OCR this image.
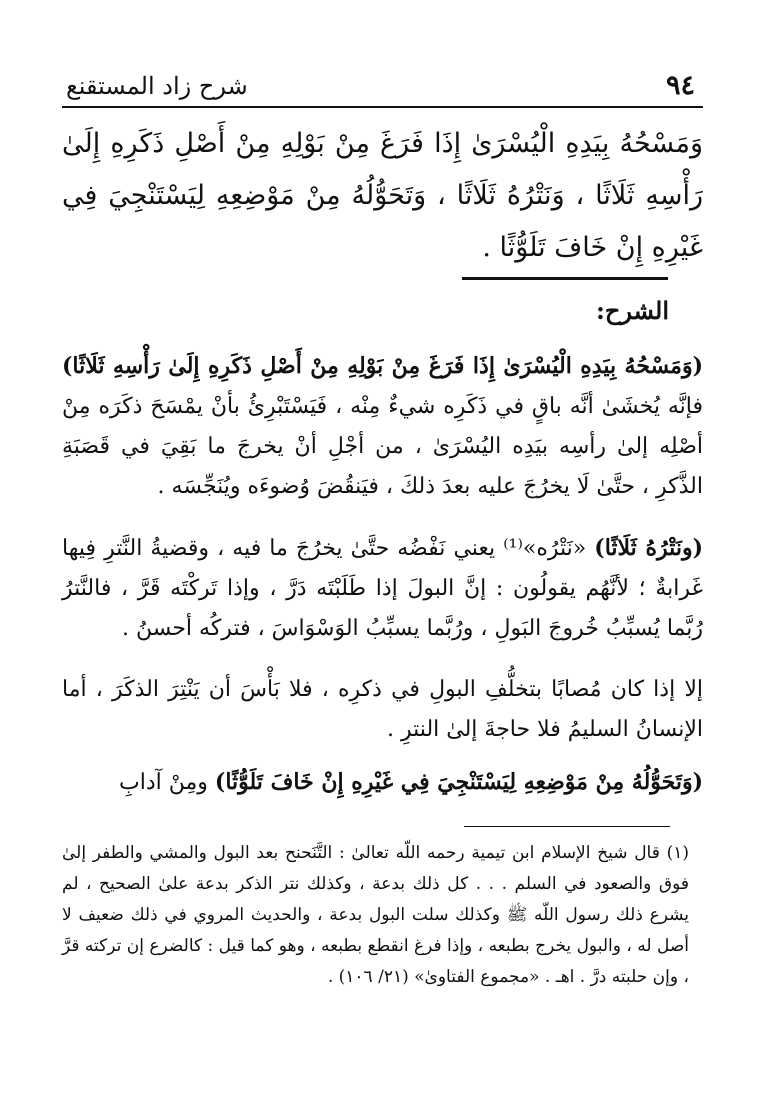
٩٤
شرح زاد المستقنع
وَمَسْحُهُ بِيَدِهِ الْيُسْرَىٰ إِذَا فَرَغَ مِنْ بَوْلِهِ مِنْ أَصْلِ ذَكَرِهِ إِلَىٰ رَأْسِهِ ثَلَاثًا ، وَنَتْرُهُ ثَلَاثًا ، وَتَحَوُّلُهُ مِنْ مَوْضِعِهِ لِيَسْتَنْجِيَ فِي غَيْرِهِ إِنْ خَافَ تَلَوُّثًا .
الشرح:
(وَمَسْحُهُ بِيَدِهِ الْيُسْرَىٰ إِذَا فَرَغَ مِنْ بَوْلِهِ مِنْ أَصْلِ ذَكَرِهِ إِلَىٰ رَأْسِهِ ثَلَاثًا) فإنَّه يُخشَىٰ أنَّه باقٍ في ذَكَرِه شيءٌ مِنْه ، فَيَسْتَبْرِئُ بأنْ يمْسَحَ ذكَرَه مِنْ أصْلِه إلىٰ رأسِه بيَدِه اليُسْرَىٰ ، من أجْلِ أنْ يخرجَ ما بَقِيَ في قَصَبَةِ الذَّكرِ ، حتَّىٰ لَا يخرُجَ عليه بعدَ ذلكَ ، فيَنقُضَ وُضوءَه ويُنَجِّسَه .
(ونَتْرُهُ ثَلَاثًا) «نَتْرُه»⁽¹⁾ يعني نَفْضُه حتَّىٰ يخرُجَ ما فيه ، وقضيةُ النَّترِ فِيها غَرابةٌ ؛ لأنَّهُم يقولُون : إنَّ البولَ إذا طَلَبْتَه دَرَّ ، وإذا تَركْتَه قَرَّ ، فالنَّترُ رُبَّما يُسبِّبُ خُروجَ البَولِ ، ورُبَّما يسبِّبُ الوَسْوَاسَ ، فتركُه أحسنُ .
إلا إذا كان مُصابًا بتخلُّفِ البولِ في ذكرِه ، فلا بَأْسَ أن يَنْتِرَ الذكَرَ ، أما الإنسانُ السليمُ فلا حاجةَ إلىٰ النترِ .
(وَتَحَوُّلُهُ مِنْ مَوْضِعِهِ لِيَسْتَنْجِيَ فِي غَيْرِهِ إِنْ خَافَ تَلَوُّثًا) ومِنْ آدابِ
(١) قال شيخ الإسلام ابن تيمية رحمه اللّه تعالىٰ : التَّنَحنح بعد البول والمشي والطفر إلىٰ فوق والصعود في السلم . . . كل ذلك بدعة ، وكذلك نتر الذكر بدعة علىٰ الصحيح ، لم يشرع ذلك رسول اللّه ﷺ وكذلك سلت البول بدعة ، والحديث المروي في ذلك ضعيف لا أصل له ، والبول يخرج بطبعه ، وإذا فرغ انقطع بطبعه ، وهو كما قيل : كالضرع إن تركته قرَّ ، وإن حلبته درَّ . اهـ . «مجموع الفتاوىٰ» (٢١/ ١٠٦) .
